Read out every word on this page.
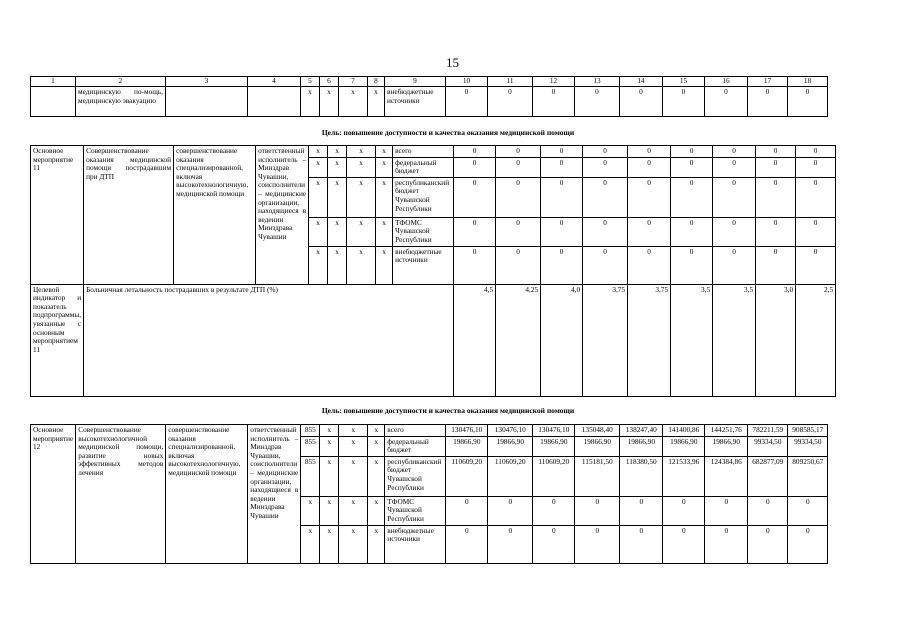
15
1	2	3	4	5	6	7	8	9	10	11	12	13	14	15	16	17	18
	медицинскую по-мощь, медицинскую эвакуацию			x	x	x	x	внебюджетные источники	0	0	0	0	0	0	0	0	0
Цель: повышение доступности и качества оказания медицинской помощи
Основное мероприятие 11	Совершенствование оказания медицинской помощи пострадавшим при ДТП	совершенствование оказания специализированной, включая высокотехнологичную, медицинской помощи	ответственный исполнитель – Минздрав Чувашии, соисполнители – медицинские организации, находящиеся в ведении Минздрава Чувашии	x	x	x	x	всего	0	0	0	0	0	0	0	0	0
				x	x	x	x	федеральный бюджет	0	0	0	0	0	0	0	0	0
				x	x	x	x	республиканский бюджет Чувашской Республики	0	0	0	0	0	0	0	0	0
				x	x	x	x	ТФОМС Чувашской Республики	0	0	0	0	0	0	0	0	0
				x	x	x	x	внебюджетные источники	0	0	0	0	0	0	0	0	0
Целевой индикатор и показатель подпрограммы, увязанные с основным мероприятием 11	Больничная летальность пострадавших в результате ДТП (%)								4,5	4,25	4,0	3,75	3,75	3,5	3,5	3,0	2,5
Цель: повышение доступности и качества оказания медицинской помощи
Основное мероприятие 12	Совершенствование высокотехнологичной медицинской помощи, развитие новых эффективных методов лечения	совершенствование оказания специализированной, включая высокотехнологичную, медицинской помощи	ответственный исполнитель – Минздрав Чувашии, соисполнители – медицинские организации, находящиеся в ведении Минздрава Чувашии	855	x	x	x	всего	130476,10	130476,10	130476,10	135048,40	138247,40	141400,86	144251,76	782211,59	908585,17
				855	x	x	x	федеральный бюджет	19866,90	19866,90	19866,90	19866,90	19866,90	19866,90	19866,90	99334,50	99334,50
				855	x	x	x	республиканский бюджет Чувашской Республики	110609,20	110609,20	110609,20	115181,50	118380,50	121533,96	124384,86	682877,09	809250,67
				x	x	x	x	ТФОМС Чувашской Республики	0	0	0	0	0	0	0	0	0
				x	x	x	x	внебюджетные источники	0	0	0	0	0	0	0	0	0
